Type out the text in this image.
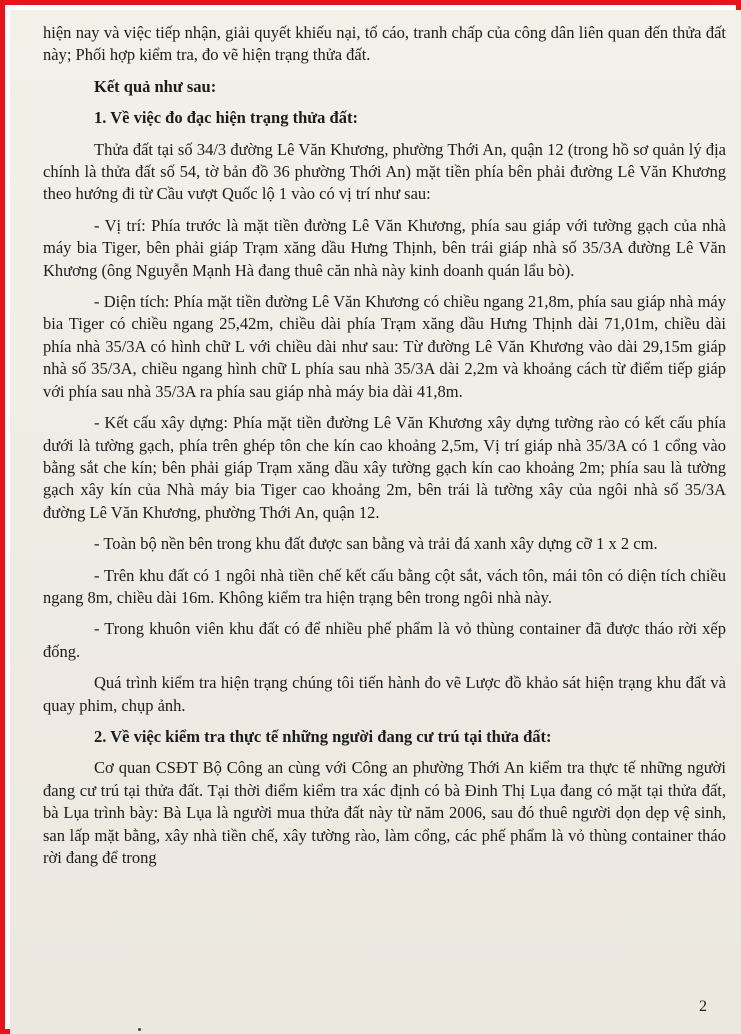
hiện nay và việc tiếp nhận, giải quyết khiếu nại, tố cáo, tranh chấp của công dân liên quan đến thửa đất này; Phối hợp kiểm tra, đo vẽ hiện trạng thửa đất.

Kết quả như sau:

1. Về việc đo đạc hiện trạng thửa đất:

Thửa đất tại số 34/3 đường Lê Văn Khương, phường Thới An, quận 12 (trong hồ sơ quản lý địa chính là thửa đất số 54, tờ bản đồ 36 phường Thới An) mặt tiền phía bên phải đường Lê Văn Khương theo hướng đi từ Cầu vượt Quốc lộ 1 vào có vị trí như sau:

- Vị trí: Phía trước là mặt tiền đường Lê Văn Khương, phía sau giáp với tường gạch của nhà máy bia Tiger, bên phải giáp Trạm xăng dầu Hưng Thịnh, bên trái giáp nhà số 35/3A đường Lê Văn Khương (ông Nguyễn Mạnh Hà đang thuê căn nhà này kinh doanh quán lẩu bò).

- Diện tích: Phía mặt tiền đường Lê Văn Khương có chiều ngang 21,8m, phía sau giáp nhà máy bia Tiger có chiều ngang 25,42m, chiều dài phía Trạm xăng dầu Hưng Thịnh dài 71,01m, chiều dài phía nhà 35/3A có hình chữ L với chiều dài như sau: Từ đường Lê Văn Khương vào dài 29,15m giáp nhà số 35/3A, chiều ngang hình chữ L phía sau nhà 35/3A dài 2,2m và khoảng cách từ điểm tiếp giáp với phía sau nhà 35/3A ra phía sau giáp nhà máy bia dài 41,8m.

- Kết cấu xây dựng: Phía mặt tiền đường Lê Văn Khương xây dựng tường rào có kết cấu phía dưới là tường gạch, phía trên ghép tôn che kín cao khoảng 2,5m, Vị trí giáp nhà 35/3A có 1 cổng vào bằng sắt che kín; bên phải giáp Trạm xăng dầu xây tường gạch kín cao khoảng 2m; phía sau là tường gạch xây kín của Nhà máy bia Tiger cao khoảng 2m, bên trái là tường xây của ngôi nhà số 35/3A đường Lê Văn Khương, phường Thới An, quận 12.

- Toàn bộ nền bên trong khu đất được san bằng và trải đá xanh xây dựng cỡ 1 x 2 cm.

- Trên khu đất có 1 ngôi nhà tiền chế kết cấu bằng cột sắt, vách tôn, mái tôn có diện tích chiều ngang 8m, chiều dài 16m. Không kiểm tra hiện trạng bên trong ngôi nhà này.

- Trong khuôn viên khu đất có để nhiều phế phẩm là vỏ thùng container đã được tháo rời xếp đống.

Quá trình kiểm tra hiện trạng chúng tôi tiến hành đo vẽ Lược đồ khảo sát hiện trạng khu đất và quay phim, chụp ảnh.

2. Về việc kiểm tra thực tế những người đang cư trú tại thửa đất:

Cơ quan CSĐT Bộ Công an cùng với Công an phường Thới An kiểm tra thực tế những người đang cư trú tại thửa đất. Tại thời điểm kiểm tra xác định có bà Đinh Thị Lụa đang có mặt tại thửa đất, bà Lụa trình bày: Bà Lụa là người mua thửa đất này từ năm 2006, sau đó thuê người dọn dẹp vệ sinh, san lấp mặt bằng, xây nhà tiền chế, xây tường rào, làm cổng, các phế phẩm là vỏ thùng container tháo rời đang để trong

2
